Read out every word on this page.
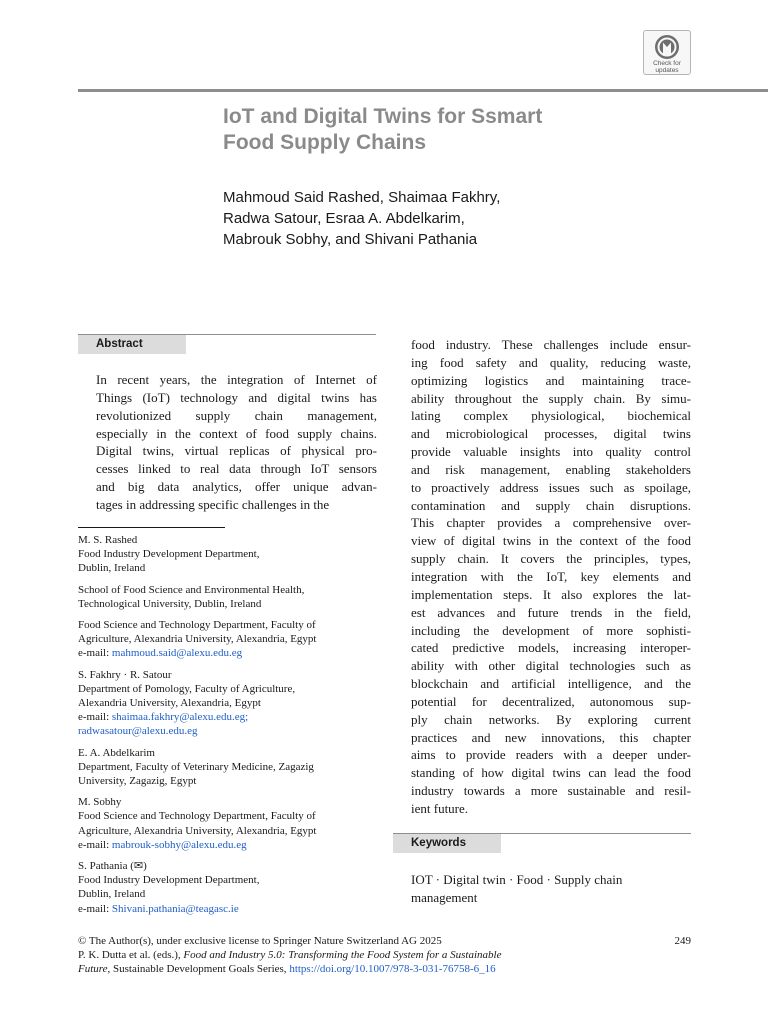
Check for
updates
IoT and Digital Twins for Ssmart
Food Supply Chains
Mahmoud Said Rashed, Shaimaa Fakhry,
Radwa Satour, Esraa A. Abdelkarim,
Mabrouk Sobhy, and Shivani Pathania
Abstract
In recent years, the integration of Internet of
Things (IoT) technology and digital twins has
revolutionized supply chain management,
especially in the context of food supply chains.
Digital twins, virtual replicas of physical pro-
cesses linked to real data through IoT sensors
and big data analytics, offer unique advan-
tages in addressing specific challenges in the
food industry. These challenges include ensur-
ing food safety and quality, reducing waste,
optimizing logistics and maintaining trace-
ability throughout the supply chain. By simu-
lating complex physiological, biochemical
and microbiological processes, digital twins
provide valuable insights into quality control
and risk management, enabling stakeholders
to proactively address issues such as spoilage,
contamination and supply chain disruptions.
This chapter provides a comprehensive over-
view of digital twins in the context of the food
supply chain. It covers the principles, types,
integration with the IoT, key elements and
implementation steps. It also explores the lat-
est advances and future trends in the field,
including the development of more sophisti-
cated predictive models, increasing interoper-
ability with other digital technologies such as
blockchain and artificial intelligence, and the
potential for decentralized, autonomous sup-
ply chain networks. By exploring current
practices and new innovations, this chapter
aims to provide readers with a deeper under-
standing of how digital twins can lead the food
industry towards a more sustainable and resil-
ient future.
Keywords
IOT · Digital twin · Food · Supply chain
management
M. S. Rashed
Food Industry Development Department,
Dublin, Ireland
School of Food Science and Environmental Health,
Technological University, Dublin, Ireland
Food Science and Technology Department, Faculty of
Agriculture, Alexandria University, Alexandria, Egypt
e-mail: mahmoud.said@alexu.edu.eg
S. Fakhry · R. Satour
Department of Pomology, Faculty of Agriculture,
Alexandria University, Alexandria, Egypt
e-mail: shaimaa.fakhry@alexu.edu.eg;
radwasatour@alexu.edu.eg
E. A. Abdelkarim
Department, Faculty of Veterinary Medicine, Zagazig
University, Zagazig, Egypt
M. Sobhy
Food Science and Technology Department, Faculty of
Agriculture, Alexandria University, Alexandria, Egypt
e-mail: mabrouk-sobhy@alexu.edu.eg
S. Pathania (✉)
Food Industry Development Department,
Dublin, Ireland
e-mail: Shivani.pathania@teagasc.ie
© The Author(s), under exclusive license to Springer Nature Switzerland AG 2025
P. K. Dutta et al. (eds.), Food and Industry 5.0: Transforming the Food System for a Sustainable
Future, Sustainable Development Goals Series, https://doi.org/10.1007/978-3-031-76758-6_16
249
